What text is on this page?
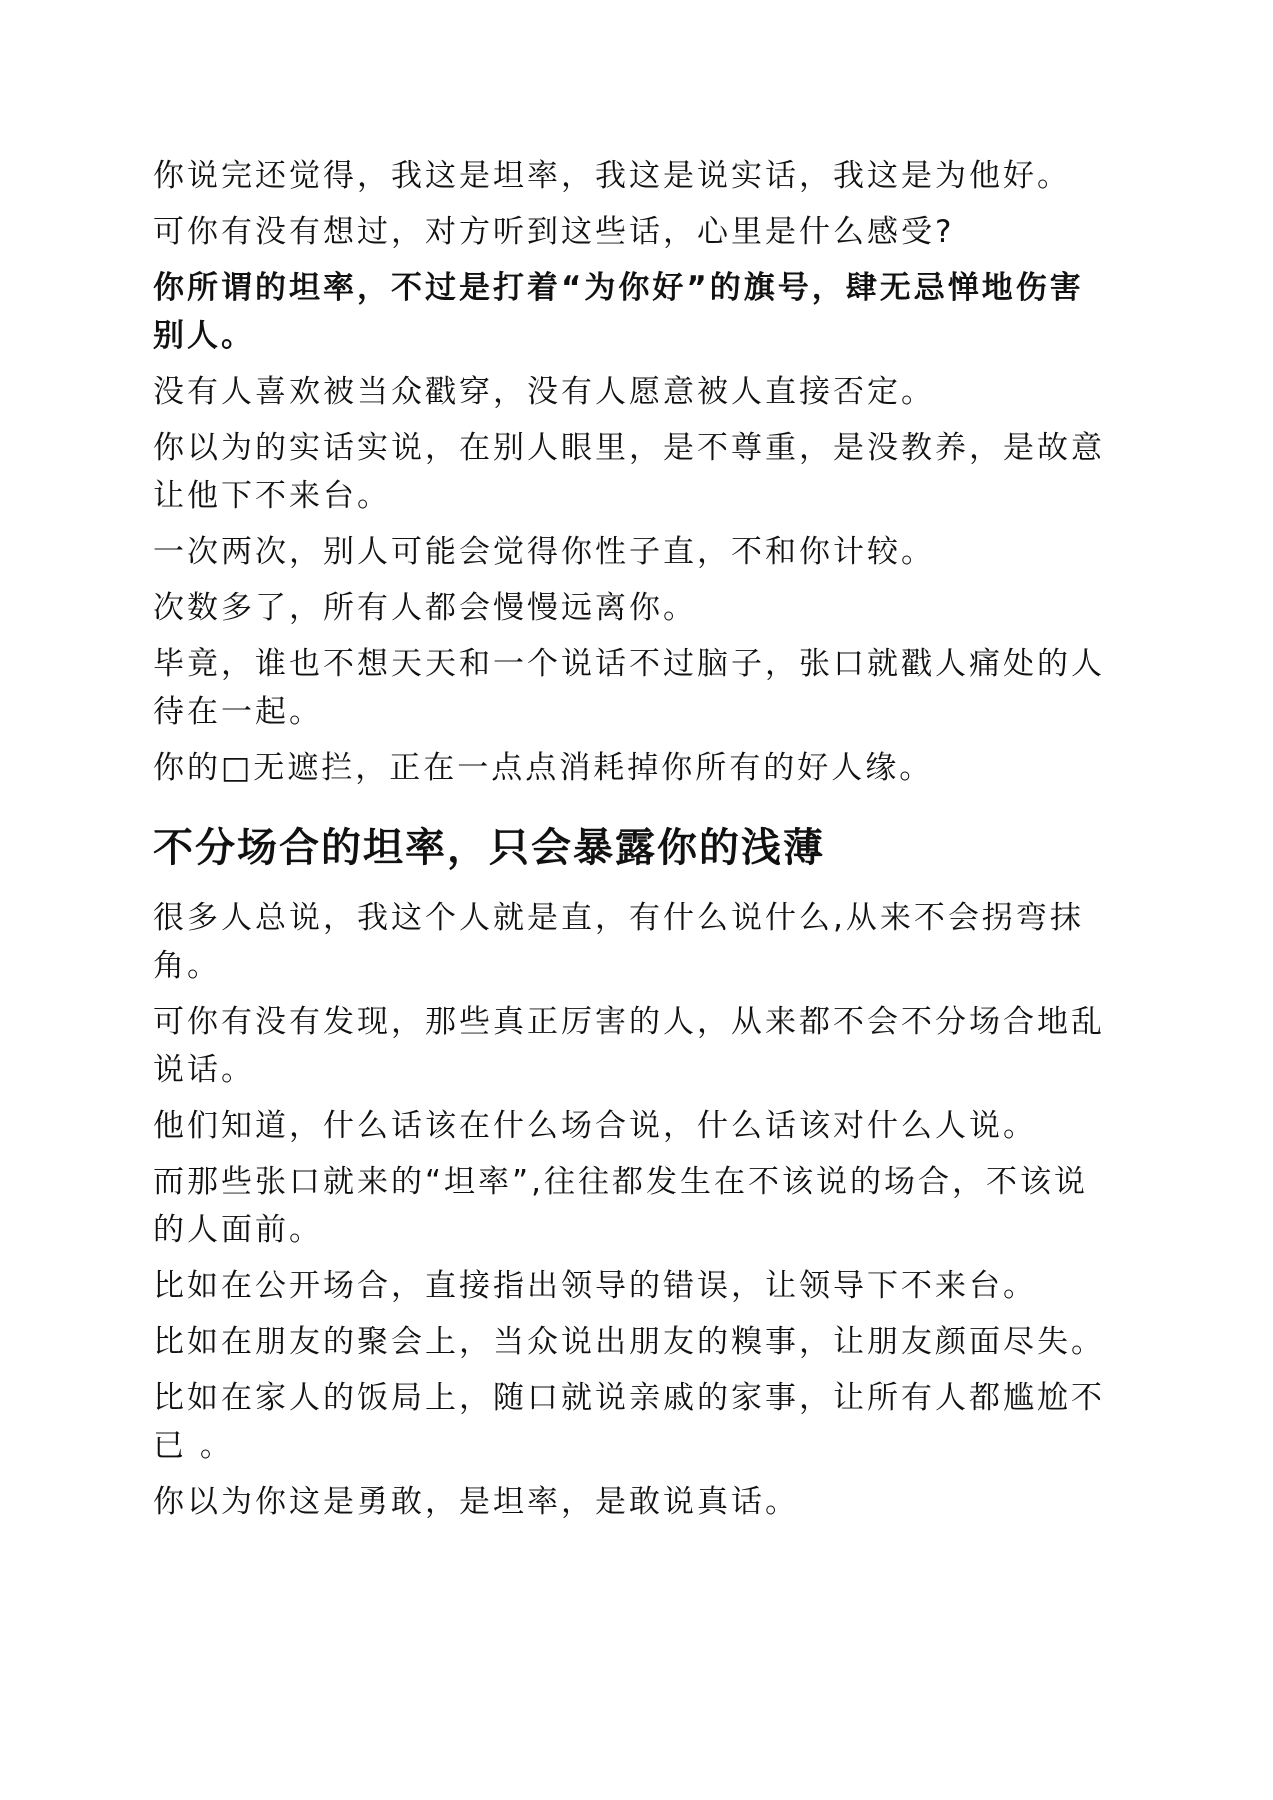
你说完还觉得，我这是坦率，我这是说实话，我这是为他好。

可你有没有想过，对方听到这些话，心里是什么感受?

你所谓的坦率，不过是打着“为你好”的旗号，肆无忌惮地伤害别人。

没有人喜欢被当众戳穿，没有人愿意被人直接否定。

你以为的实话实说，在别人眼里，是不尊重，是没教养，是故意让他下不来台。

一次两次，别人可能会觉得你性子直，不和你计较。

次数多了，所有人都会慢慢远离你。

毕竟，谁也不想天天和一个说话不过脑子，张口就戳人痛处的人待在一起。

你的□无遮拦，正在一点点消耗掉你所有的好人缘。

不分场合的坦率，只会暴露你的浅薄

很多人总说，我这个人就是直，有什么说什么,从来不会拐弯抹角。

可你有没有发现，那些真正厉害的人，从来都不会不分场合地乱说话。

他们知道，什么话该在什么场合说，什么话该对什么人说。

而那些张口就来的“坦率”,往往都发生在不该说的场合，不该说的人面前。

比如在公开场合，直接指出领导的错误，让领导下不来台。

比如在朋友的聚会上，当众说出朋友的糗事，让朋友颜面尽失。

比如在家人的饭局上，随口就说亲戚的家事，让所有人都尴尬不已 。

你以为你这是勇敢，是坦率，是敢说真话。
